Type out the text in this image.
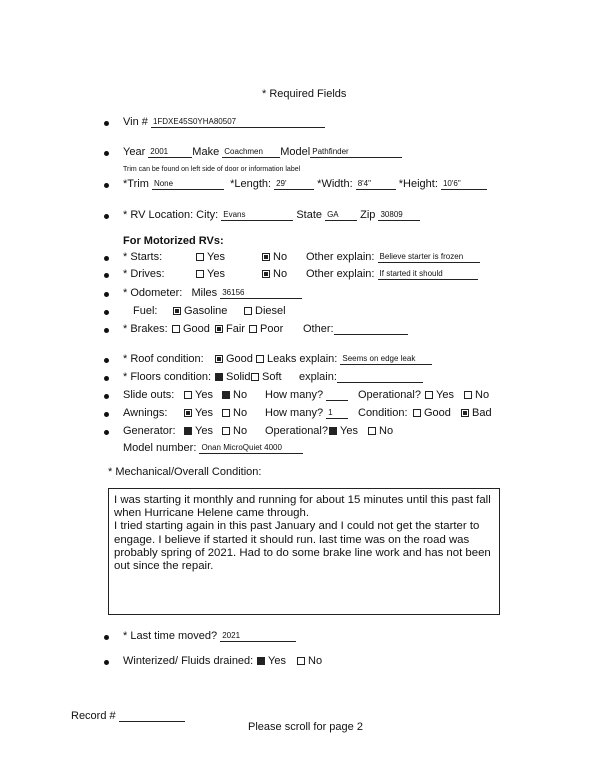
* Required Fields
Vin # 1FDXE45S0YHA80507
Year 2001 Make Coachmen Model Pathfinder
Trim can be found on left side of door or information label
*Trim None	*Length: 29'	*Width: 8'4"	*Height: 10'6"
* RV Location: City: Evans	State GA Zip 30809
For Motorized RVs:
* Starts:	Yes	No Other explain: Believe starter is frozen
* Drives:	Yes	No Other explain: If started it should
* Odometer: Miles 36156
Fuel:	Gasoline	Diesel
* Brakes:	Good	Fair	Poor Other:
* Roof condition:	Good	Leaks explain: Seems on edge leak
* Floors condition:	Solid	Soft explain:
Slide outs:	Yes	No How many?	Operational?	Yes	No
Awnings:	Yes	No How many? 1	Condition:	Good	Bad
Generator:	Yes	No Operational?	Yes	No
Model number: Onan MicroQuiet 4000
* Mechanical/Overall Condition:

I was starting it monthly and running for about 15 minutes until this past fall when Hurricane Helene came through.

I tried starting again in this past January and I could not get the starter to engage. I believe if started it should run. last time was on the road was probably spring of 2021. Had to do some brake line work and has not been out since the repair.

* Last time moved? 2021
Winterized/ Fluids drained:	Yes	No
Record #
Please scroll for page 2
